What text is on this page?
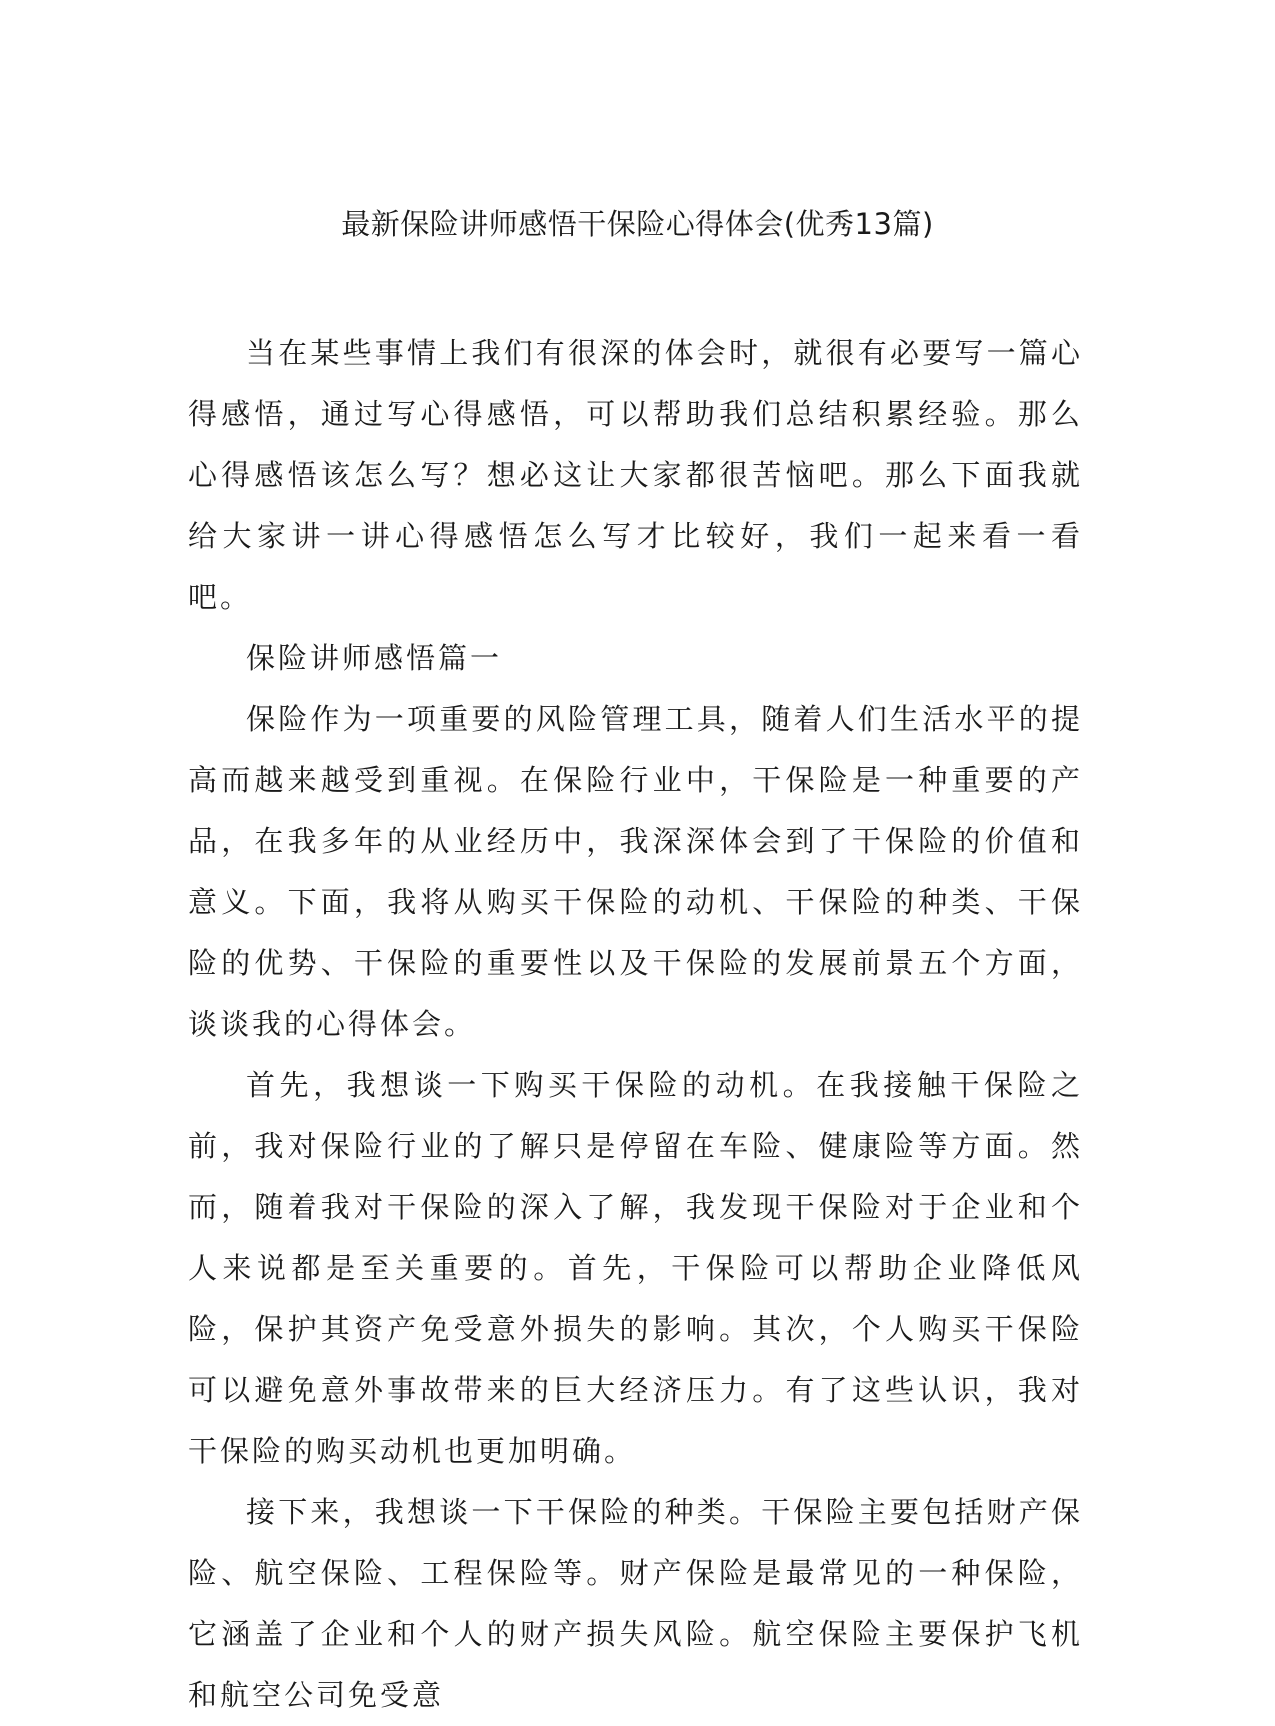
最新保险讲师感悟干保险心得体会(优秀13篇)

当在某些事情上我们有很深的体会时，就很有必要写一篇心得感悟，通过写心得感悟，可以帮助我们总结积累经验。那么心得感悟该怎么写？想必这让大家都很苦恼吧。那么下面我就给大家讲一讲心得感悟怎么写才比较好，我们一起来看一看吧。

保险讲师感悟篇一

保险作为一项重要的风险管理工具，随着人们生活水平的提高而越来越受到重视。在保险行业中，干保险是一种重要的产品，在我多年的从业经历中，我深深体会到了干保险的价值和意义。下面，我将从购买干保险的动机、干保险的种类、干保险的优势、干保险的重要性以及干保险的发展前景五个方面，谈谈我的心得体会。

首先，我想谈一下购买干保险的动机。在我接触干保险之前，我对保险行业的了解只是停留在车险、健康险等方面。然而，随着我对干保险的深入了解，我发现干保险对于企业和个人来说都是至关重要的。首先，干保险可以帮助企业降低风险，保护其资产免受意外损失的影响。其次，个人购买干保险可以避免意外事故带来的巨大经济压力。有了这些认识，我对干保险的购买动机也更加明确。

接下来，我想谈一下干保险的种类。干保险主要包括财产保险、航空保险、工程保险等。财产保险是最常见的一种保险，它涵盖了企业和个人的财产损失风险。航空保险主要保护飞机和航空公司免受意
